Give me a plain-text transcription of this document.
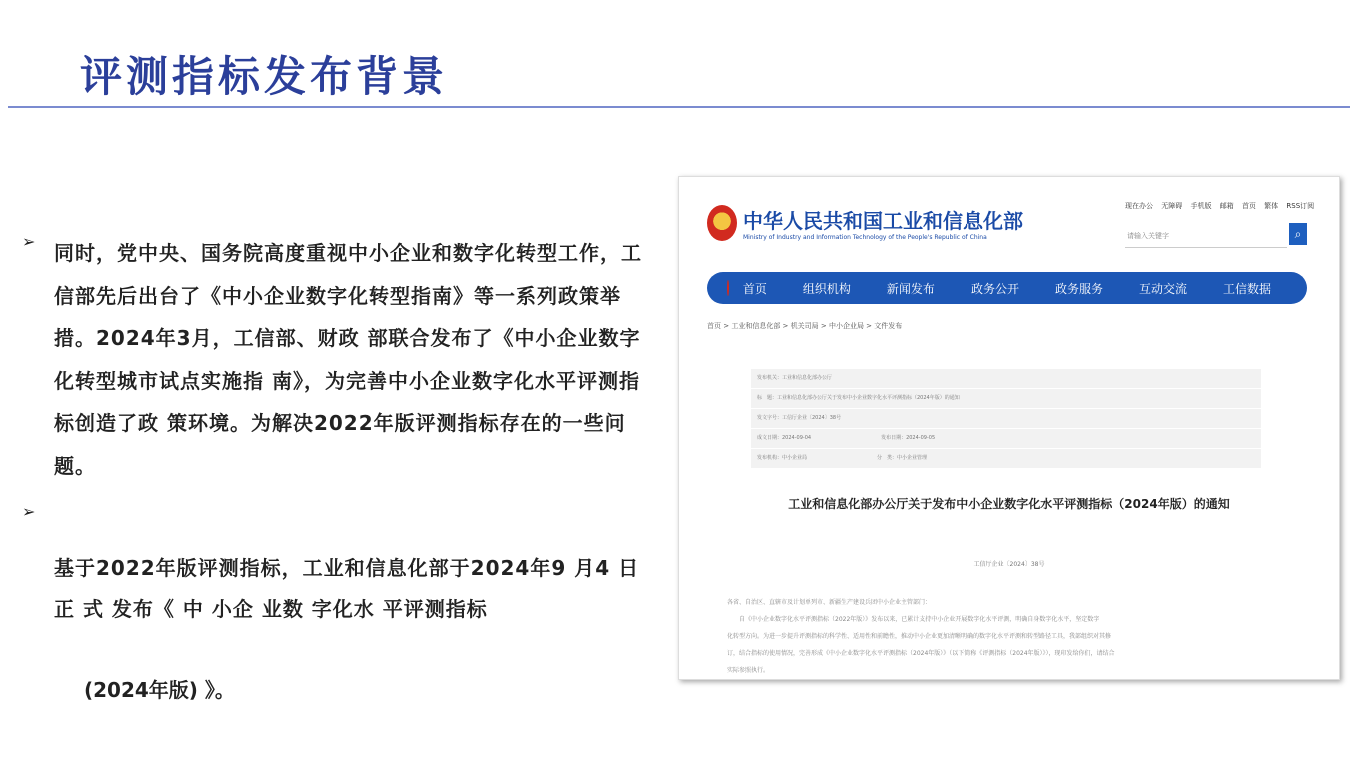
评测指标发布背景
➢
➢

同时，党中央、国务院高度重视中小企业和数字化转型工作，工信部先后出台了《中小企业数字化转型指南》等一系列政策举措。2024年3月，工信部、财政 部联合发布了《中小企业数字化转型城市试点实施指 南》，为完善中小企业数字化水平评测指标创造了政 策环境。为解决2022年版评测指标存在的一些问题。

基于2022年版评测指标，工业和信息化部于2024年9 月4 日 正 式 发布《 中 小企 业数 字化水 平评测指标

(2024年版) 》。

中华人民共和国工业和信息化部
Ministry of Industry and Information Technology of the People's Republic of China
现在办公 无障碍 手机版 邮箱 首页 繁体 RSS订阅
请输入关键字	⌕
首页	组织机构	新闻发布	政务公开	政务服务	互动交流	工信数据
首页 > 工业和信息化部 > 机关司局 > 中小企业局 > 文件发布
发布机关：工业和信息化部办公厅
标　题：工业和信息化部办公厅关于发布中小企业数字化水平评测指标（2024年版）的通知
发文字号：工信厅企业〔2024〕38号
成文日期：2024-09-04	发布日期：2024-09-05
发布机构：中小企业局	分　类：中小企业管理
工业和信息化部办公厅关于发布中小企业数字化水平评测指标（2024年版）的通知
工信厅企业〔2024〕38号
各省、自治区、直辖市及计划单列市、新疆生产建设兵团中小企业主管部门：
　　自《中小企业数字化水平评测指标（2022年版）》发布以来，已累计支持中小企业开展数字化水平评测，明确自身数字化水平，坚定数字
化转型方向。为进一步提升评测指标的科学性、适用性和前瞻性，推动中小企业更加清晰明确的数字化水平评测和转型路径工具，我部组织对其修
订，结合指标的使用情况，完善形成《中小企业数字化水平评测指标（2024年版）》（以下简称《评测指标（2024年版）》），现印发给你们，请结合
实际参照执行。
